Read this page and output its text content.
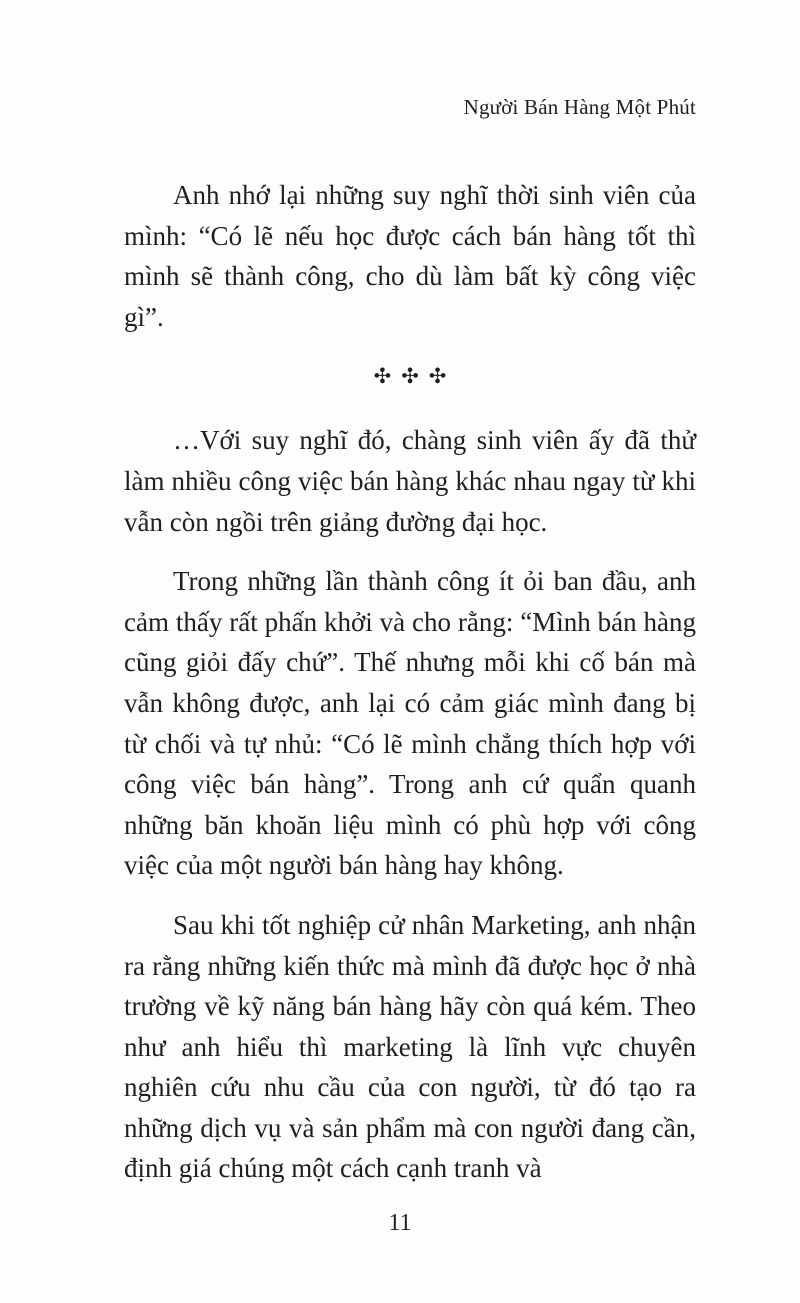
Người Bán Hàng Một Phút

Anh nhớ lại những suy nghĩ thời sinh viên của mình: “Có lẽ nếu học được cách bán hàng tốt thì mình sẽ thành công, cho dù làm bất kỳ công việc gì”.

✣✣✣

…Với suy nghĩ đó, chàng sinh viên ấy đã thử làm nhiều công việc bán hàng khác nhau ngay từ khi vẫn còn ngồi trên giảng đường đại học.

Trong những lần thành công ít ỏi ban đầu, anh cảm thấy rất phấn khởi và cho rằng: “Mình bán hàng cũng giỏi đấy chứ”. Thế nhưng mỗi khi cố bán mà vẫn không được, anh lại có cảm giác mình đang bị từ chối và tự nhủ: “Có lẽ mình chẳng thích hợp với công việc bán hàng”. Trong anh cứ quẩn quanh những băn khoăn liệu mình có phù hợp với công việc của một người bán hàng hay không.

Sau khi tốt nghiệp cử nhân Marketing, anh nhận ra rằng những kiến thức mà mình đã được học ở nhà trường về kỹ năng bán hàng hãy còn quá kém. Theo như anh hiểu thì marketing là lĩnh vực chuyên nghiên cứu nhu cầu của con người, từ đó tạo ra những dịch vụ và sản phẩm mà con người đang cần, định giá chúng một cách cạnh tranh và

11
